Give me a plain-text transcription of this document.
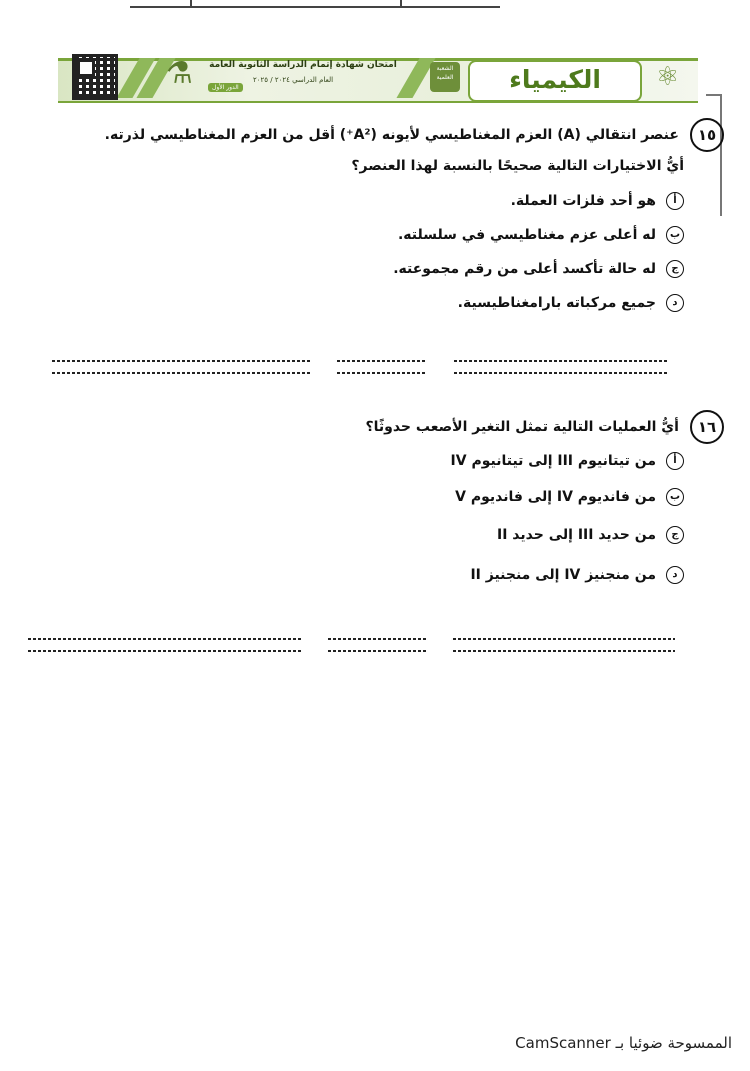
⚗ امتحان شهادة إتمام الدراسة الثانوية العامة
العام الدراسي ٢٠٢٤ / ٢٠٢٥
الدور الأول
الشعبة العلمية	الكيمياء	⚛
١٥ عنصر انتقالي (A) العزم المغناطيسي لأيونه (A²⁺) أقل من العزم المغناطيسي لذرته.
أيُّ الاختيارات التالية صحيحًا بالنسبة لهذا العنصر؟
أهو أحد فلزات العملة.
بله أعلى عزم مغناطيسي في سلسلته.
جله حالة تأكسد أعلى من رقم مجموعته.
دجميع مركباته بارامغناطيسية.
١٦ أيُّ العمليات التالية تمثل التغير الأصعب حدوثًا؟
أمن تيتانيوم III إلى تيتانيوم IV
بمن فانديوم IV إلى فانديوم V
جمن حديد III إلى حديد II
دمن منجنيز IV إلى منجنيز II
الممسوحة ضوئيا بـ CamScanner
